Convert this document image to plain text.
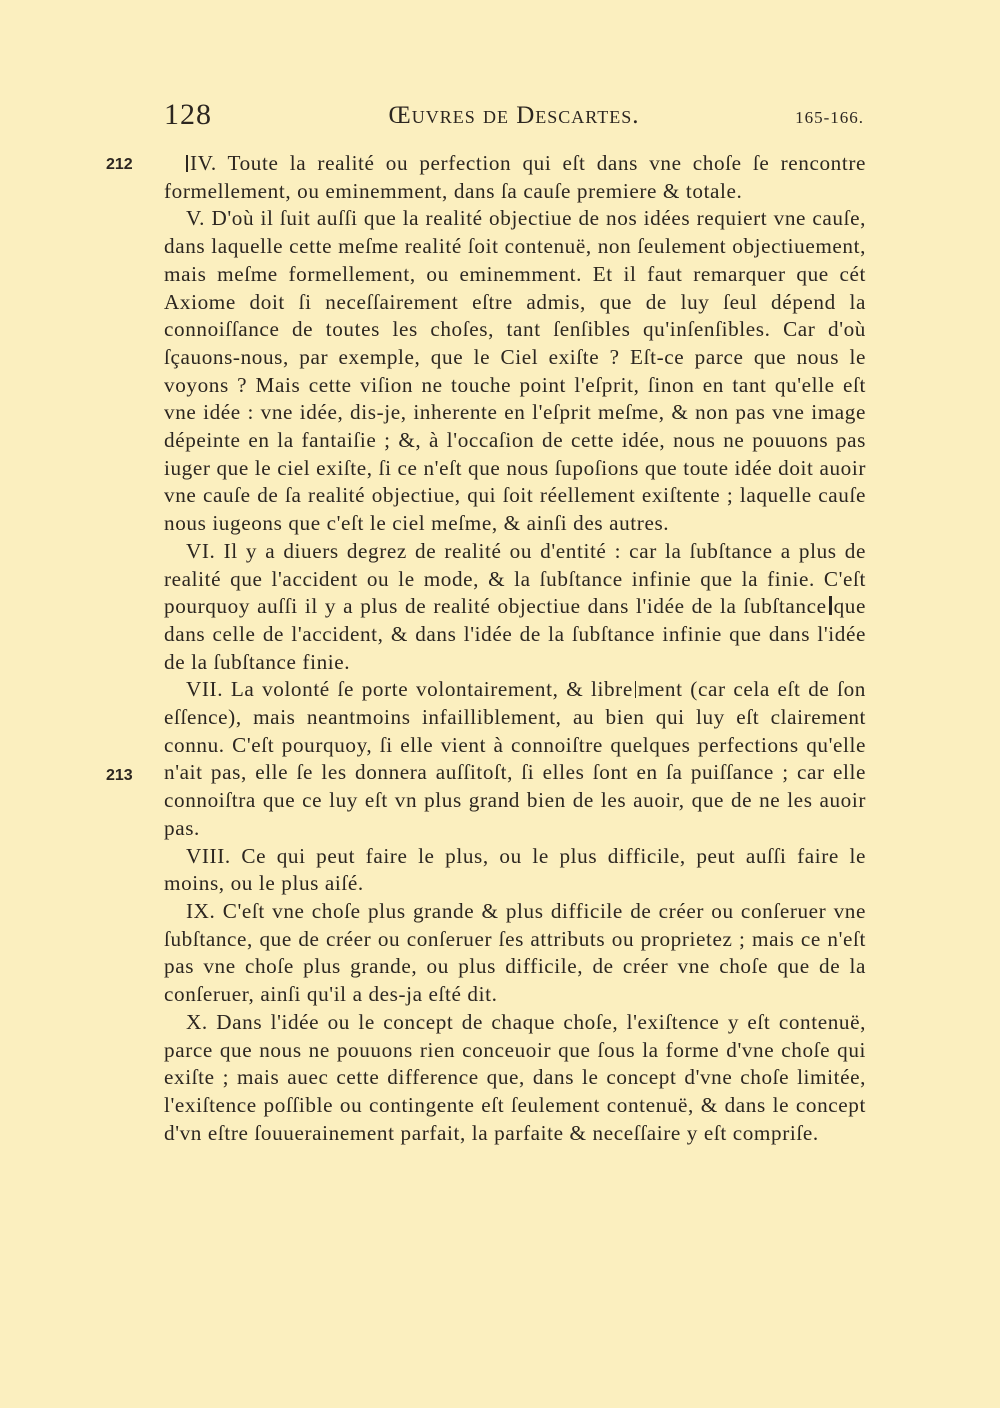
128	Œuvres de Descartes.	165-166.
212
213

IV. Toute la realité ou perfection qui eſt dans vne choſe ſe rencontre formellement, ou eminemment, dans ſa cauſe premiere & totale.

V. D'où il ſuit auſſi que la realité objectiue de nos idées requiert vne cauſe, dans laquelle cette meſme realité ſoit contenuë, non ſeulement objectiuement, mais meſme formellement, ou eminemment. Et il faut remarquer que cét Axiome doit ſi neceſſairement eſtre admis, que de luy ſeul dépend la connoiſſance de toutes les choſes, tant ſenſibles qu'inſenſibles. Car d'où ſçauons-nous, par exemple, que le Ciel exiſte ? Eſt-ce parce que nous le voyons ? Mais cette viſion ne touche point l'eſprit, ſinon en tant qu'elle eſt vne idée : vne idée, dis-je, inherente en l'eſprit meſme, & non pas vne image dépeinte en la fantaiſie ; &, à l'occaſion de cette idée, nous ne pouuons pas iuger que le ciel exiſte, ſi ce n'eſt que nous ſupoſions que toute idée doit auoir vne cauſe de ſa realité objectiue, qui ſoit réellement exiſtente ; laquelle cauſe nous iugeons que c'eſt le ciel meſme, & ainſi des autres.

VI. Il y a diuers degrez de realité ou d'entité : car la ſubſtance a plus de realité que l'accident ou le mode, & la ſubſtance infinie que la finie. C'eſt pourquoy auſſi il y a plus de realité objectiue dans l'idée de la ſubſtance que dans celle de l'accident, & dans l'idée de la ſubſtance infinie que dans l'idée de la ſubſtance finie.

VII. La volonté ſe porte volontairement, & libre ment (car cela eſt de ſon eſſence), mais neantmoins infailliblement, au bien qui luy eſt clairement connu. C'eſt pourquoy, ſi elle vient à connoiſtre quelques perfections qu'elle n'ait pas, elle ſe les donnera auſſitoſt, ſi elles ſont en ſa puiſſance ; car elle connoiſtra que ce luy eſt vn plus grand bien de les auoir, que de ne les auoir pas.

VIII. Ce qui peut faire le plus, ou le plus difficile, peut auſſi faire le moins, ou le plus aiſé.

IX. C'eſt vne choſe plus grande & plus difficile de créer ou conſeruer vne ſubſtance, que de créer ou conſeruer ſes attributs ou proprietez ; mais ce n'eſt pas vne choſe plus grande, ou plus difficile, de créer vne choſe que de la conſeruer, ainſi qu'il a des-ja eſté dit.

X. Dans l'idée ou le concept de chaque choſe, l'exiſtence y eſt contenuë, parce que nous ne pouuons rien conceuoir que ſous la forme d'vne choſe qui exiſte ; mais auec cette difference que, dans le concept d'vne choſe limitée, l'exiſtence poſſible ou contingente eſt ſeulement contenuë, & dans le concept d'vn eſtre ſouuerainement parfait, la parfaite & neceſſaire y eſt compriſe.
